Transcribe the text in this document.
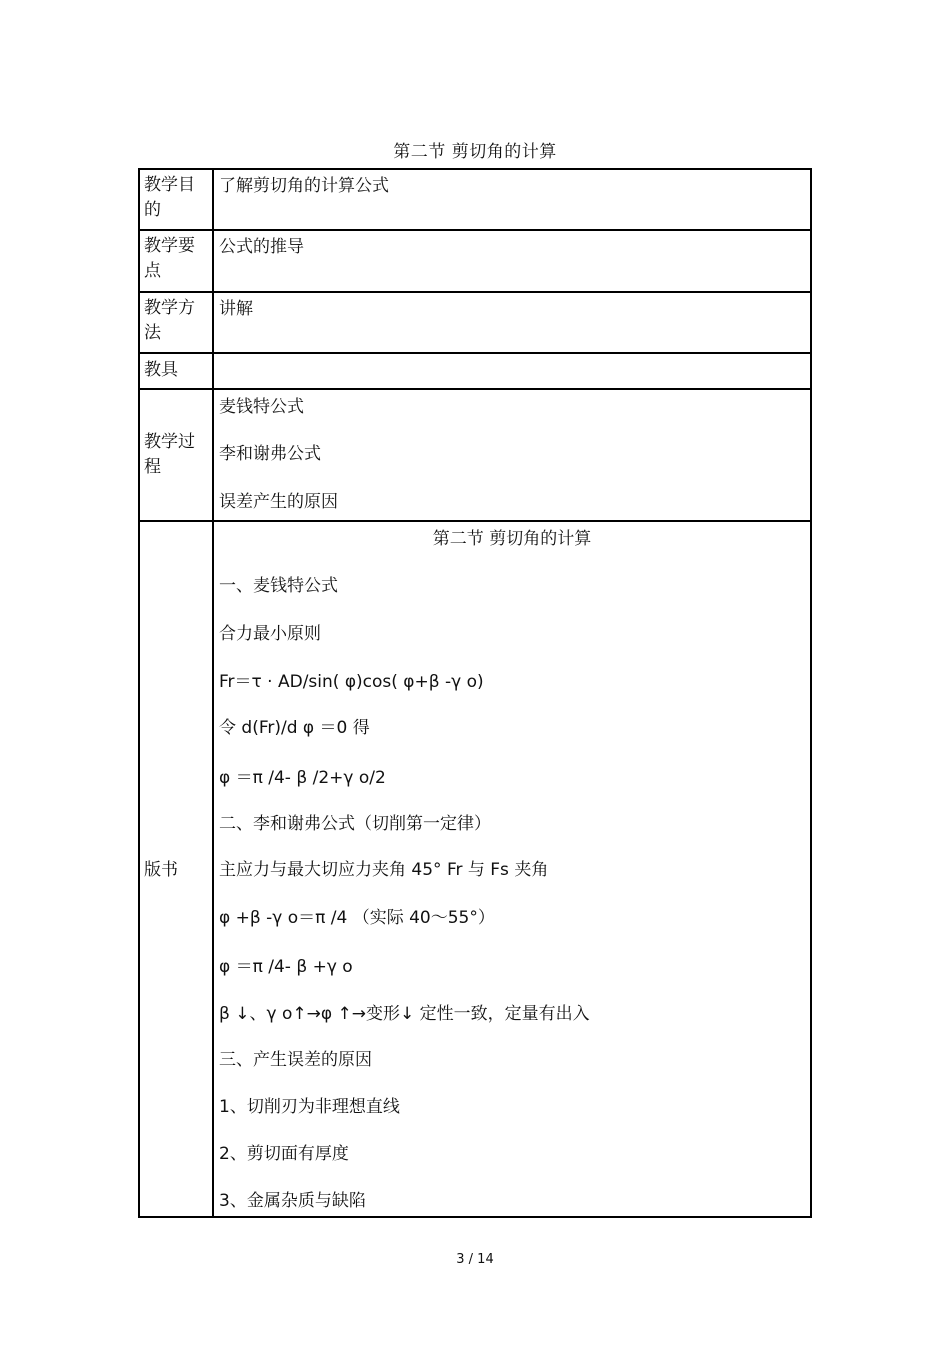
第二节 剪切角的计算
教学目的
了解剪切角的计算公式
教学要点
公式的推导
教学方法
讲解
教具
教学过程
麦钱特公式
李和谢弗公式
误差产生的原因
版书
第二节 剪切角的计算
一、麦钱特公式
合力最小原则
Fr＝τ · AD/sin( φ)cos( φ+β -γ o)
令 d(Fr)/d φ ＝0 得
φ ＝π /4- β /2+γ o/2
二、李和谢弗公式（切削第一定律）
主应力与最大切应力夹角 45° Fr 与 Fs 夹角
φ +β -γ o＝π /4 （实际 40～55°）
φ ＝π /4- β +γ o
β ↓、γ o↑→φ ↑→变形↓ 定性一致，定量有出入
三、产生误差的原因
1、切削刃为非理想直线
2、剪切面有厚度
3、金属杂质与缺陷
3 / 14
